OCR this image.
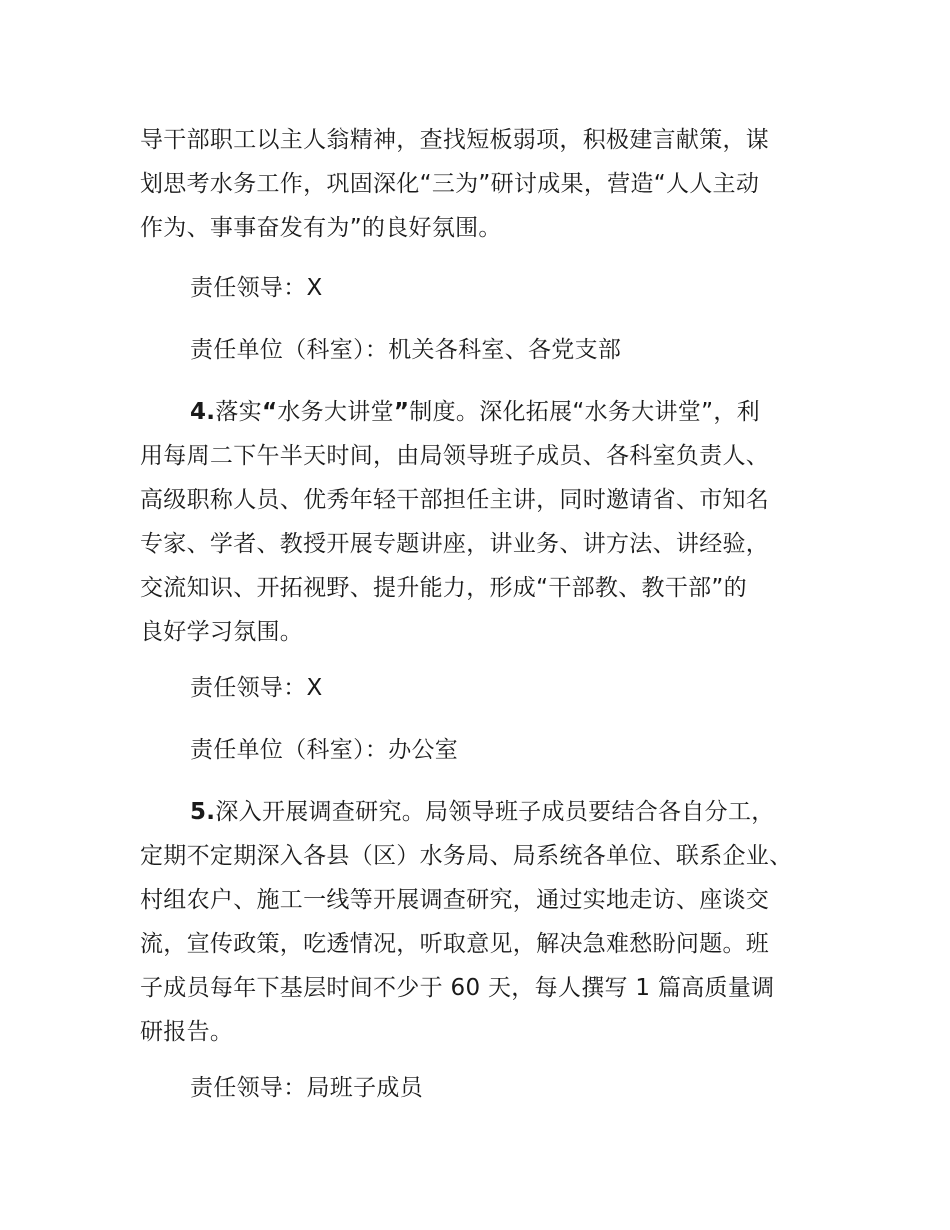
导干部职工以主人翁精神，查找短板弱项，积极建言献策，谋
划思考水务工作，巩固深化“三为”研讨成果，营造“人人主动
作为、事事奋发有为”的良好氛围。

责任领导：X

责任单位（科室）：机关各科室、各党支部

4.落实“水务大讲堂”制度。深化拓展“水务大讲堂”，利
用每周二下午半天时间，由局领导班子成员、各科室负责人、
高级职称人员、优秀年轻干部担任主讲，同时邀请省、市知名
专家、学者、教授开展专题讲座，讲业务、讲方法、讲经验，
交流知识、开拓视野、提升能力，形成“干部教、教干部”的
良好学习氛围。

责任领导：X

责任单位（科室）：办公室

5.深入开展调查研究。局领导班子成员要结合各自分工，
定期不定期深入各县（区）水务局、局系统各单位、联系企业、
村组农户、施工一线等开展调查研究，通过实地走访、座谈交
流，宣传政策，吃透情况，听取意见，解决急难愁盼问题。班
子成员每年下基层时间不少于 60 天，每人撰写 1 篇高质量调
研报告。

责任领导：局班子成员
